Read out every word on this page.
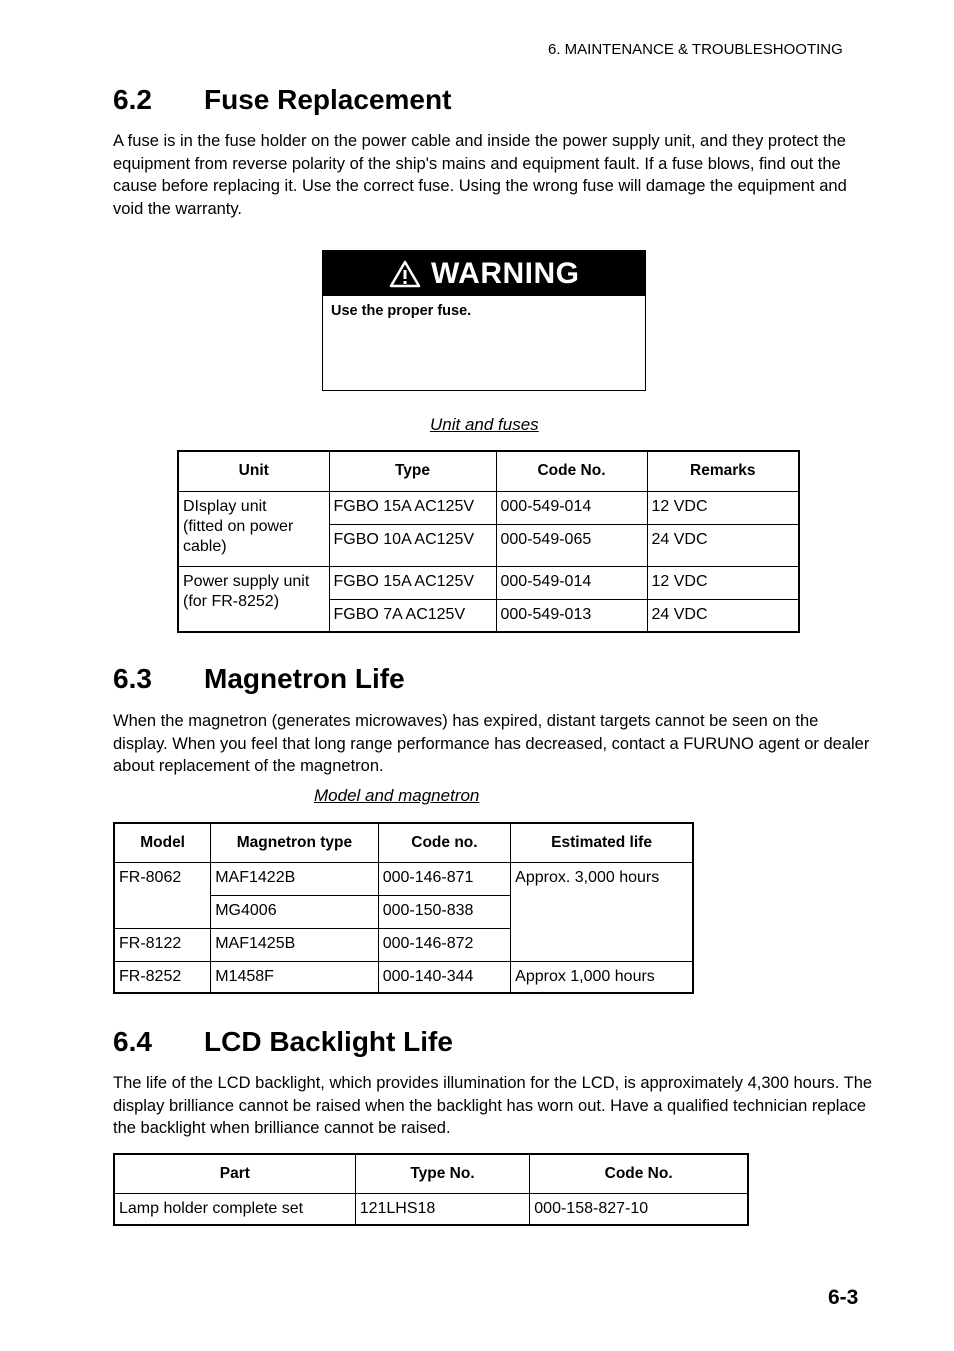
6. MAINTENANCE & TROUBLESHOOTING
6.2 Fuse Replacement
A fuse is in the fuse holder on the power cable and inside the power supply unit, and they protect the equipment from reverse polarity of the ship's mains and equipment fault. If a fuse blows, find out the cause before replacing it. Use the correct fuse. Using the wrong fuse will damage the equipment and void the warranty.
WARNING
Use the proper fuse.
Unit and fuses
Unit	Type	Code No.	Remarks
DIsplay unit
(fitted on power
cable)	FGBO 15A AC125V	000-549-014	12 VDC
	FGBO 10A AC125V	000-549-065	24 VDC
Power supply unit
(for FR-8252)	FGBO 15A AC125V	000-549-014	12 VDC
	FGBO 7A AC125V	000-549-013	24 VDC
6.3 Magnetron Life
When the magnetron (generates microwaves) has expired, distant targets cannot be seen on the display. When you feel that long range performance has decreased, contact a FURUNO agent or dealer about replacement of the magnetron.
Model and magnetron
Model	Magnetron type	Code no.	Estimated life
FR-8062	MAF1422B	000-146-871	Approx. 3,000 hours
	MG4006	000-150-838	
FR-8122	MAF1425B	000-146-872	
FR-8252	M1458F	000-140-344	Approx 1,000 hours
6.4 LCD Backlight Life
The life of the LCD backlight, which provides illumination for the LCD, is approximately 4,300 hours. The display brilliance cannot be raised when the backlight has worn out. Have a qualified technician replace the backlight when brilliance cannot be raised.
Part	Type No.	Code No.
Lamp holder complete set	121LHS18	000-158-827-10
6-3
